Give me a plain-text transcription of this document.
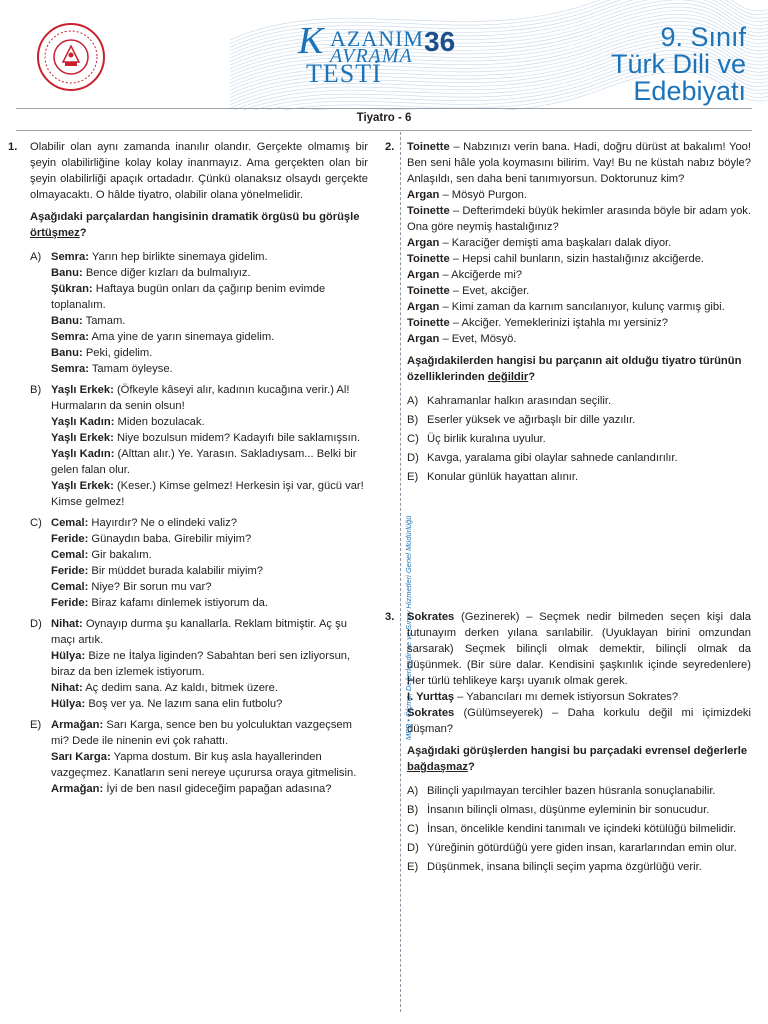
K AZANIM
AVRAMA
TESTİ
36	9. Sınıf
Türk Dili ve
Edebiyatı
Tiyatro - 6
MEB • Ölçme, Değerlendirme ve Sınav Hizmetleri Genel Müdürlüğü
1. Olabilir olan aynı zamanda inanılır olandır. Gerçekte olmamış bir şeyin olabilirliğine kolay kolay inanmayız. Ama gerçekten olan bir şeyin olabilirliği apaçık ortadadır. Çünkü olanaksız olsaydı gerçekte olmayacaktı. O hâlde tiyatro, olabilir olana yönelmelidir.
Aşağıdaki parçalardan hangisinin dramatik örgüsü bu görüşle örtüşmez?
A) Semra: Yarın hep birlikte sinemaya gidelim.
Banu: Bence diğer kızları da bulmalıyız.
Şükran: Haftaya bugün onları da çağırıp benim evimde toplanalım.
Banu: Tamam.
Semra: Ama yine de yarın sinemaya gidelim.
Banu: Peki, gidelim.
Semra: Tamam öyleyse.
B) Yaşlı Erkek: (Öfkeyle kâseyi alır, kadının kucağına verir.) Al! Hurmaların da senin olsun!
Yaşlı Kadın: Miden bozulacak.
Yaşlı Erkek: Niye bozulsun midem? Kadayıfı bile saklamışsın.
Yaşlı Kadın: (Alttan alır.) Ye. Yarasın. Sakladıysam... Belki bir gelen falan olur.
Yaşlı Erkek: (Keser.) Kimse gelmez! Herkesin işi var, gücü var! Kimse gelmez!
C) Cemal: Hayırdır? Ne o elindeki valiz?
Feride: Günaydın baba. Girebilir miyim?
Cemal: Gir bakalım.
Feride: Bir müddet burada kalabilir miyim?
Cemal: Niye? Bir sorun mu var?
Feride: Biraz kafamı dinlemek istiyorum da.
D) Nihat: Oynayıp durma şu kanallarla. Reklam bitmiştir. Aç şu maçı artık.
Hülya: Bize ne İtalya liginden? Sabahtan beri sen izliyorsun, biraz da ben izlemek istiyorum.
Nihat: Aç dedim sana. Az kaldı, bitmek üzere.
Hülya: Boş ver ya. Ne lazım sana elin futbolu?
E) Armağan: Sarı Karga, sence ben bu yolculuktan vazgeçsem mi? Dede ile ninenin evi çok rahattı.
Sarı Karga: Yapma dostum. Bir kuş asla hayallerinden vazgeçmez. Kanatların seni nereye uçurursa oraya gitmelisin.
Armağan: İyi de ben nasıl gideceğim papağan adasına?
2. Toinette – Nabzınızı verin bana. Hadi, doğru dürüst at bakalım! Yoo! Ben seni hâle yola koymasını bilirim. Vay! Bu ne küstah nabız böyle? Anlaşıldı, sen daha beni tanımıyorsun. Doktorunuz kim?
Argan – Mösyö Purgon.
Toinette – Defterimdeki büyük hekimler arasında böyle bir adam yok. Ona göre neymiş hastalığınız?
Argan – Karaciğer demişti ama başkaları dalak diyor.
Toinette – Hepsi cahil bunların, sizin hastalığınız akciğerde.
Argan – Akciğerde mi?
Toinette – Evet, akciğer.
Argan – Kimi zaman da karnım sancılanıyor, kulunç varmış gibi.
Toinette – Akciğer. Yemeklerinizi iştahla mı yersiniz?
Argan – Evet, Mösyö.
Aşağıdakilerden hangisi bu parçanın ait olduğu tiyatro türünün özelliklerinden değildir?
A) Kahramanlar halkın arasından seçilir.
B) Eserler yüksek ve ağırbaşlı bir dille yazılır.
C) Üç birlik kuralına uyulur.
D) Kavga, yaralama gibi olaylar sahnede canlandırılır.
E) Konular günlük hayattan alınır.
3. Sokrates (Gezinerek) – Seçmek nedir bilmeden seçen kişi dala tutunayım derken yılana sarılabilir. (Uyuklayan birini omzundan sarsarak) Seçmek bilinçli olmak demektir, bilinçli olmak da düşünmek. (Bir süre dalar. Kendisini şaşkınlık içinde seyredenlere) Her türlü tehlikeye karşı uyanık olmak gerek.
I. Yurttaş – Yabancıları mı demek istiyorsun Sokrates?
Sokrates (Gülümseyerek) – Daha korkulu değil mi içimizdeki düşman?
Aşağıdaki görüşlerden hangisi bu parçadaki evrensel değerlerle bağdaşmaz?
A) Bilinçli yapılmayan tercihler bazen hüsranla sonuçlanabilir.
B) İnsanın bilinçli olması, düşünme eyleminin bir sonucudur.
C) İnsan, öncelikle kendini tanımalı ve içindeki kötülüğü bilmelidir.
D) Yüreğinin götürdüğü yere giden insan, kararlarından emin olur.
E) Düşünmek, insana bilinçli seçim yapma özgürlüğü verir.
